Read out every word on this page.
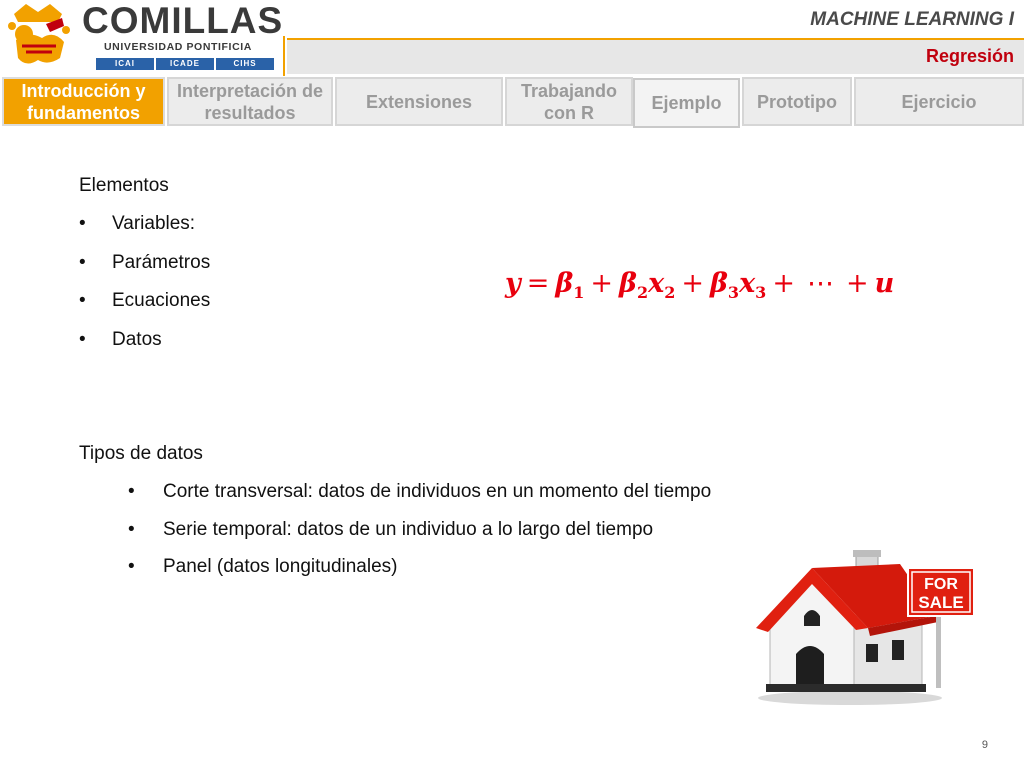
COMILLAS
UNIVERSIDAD PONTIFICIA
ICAI	ICADE	CIHS
MACHINE LEARNING I
Regresión
Introducción y fundamentos
Interpretación de resultados
Extensiones
Trabajando con R	Ejemplo Prototipo	Ejercicio
Elementos
• Variables:
• Parámetros
• Ecuaciones
• Datos
$y = \beta_1 + \beta_2x_2 + \beta_3x_3$ + ⋯ + u
Tipos de datos
• Corte transversal: datos de individuos en un momento del tiempo
• Serie temporal: datos de un individuo a lo largo del tiempo
• Panel (datos longitudinales)
FOR
SALE
9
